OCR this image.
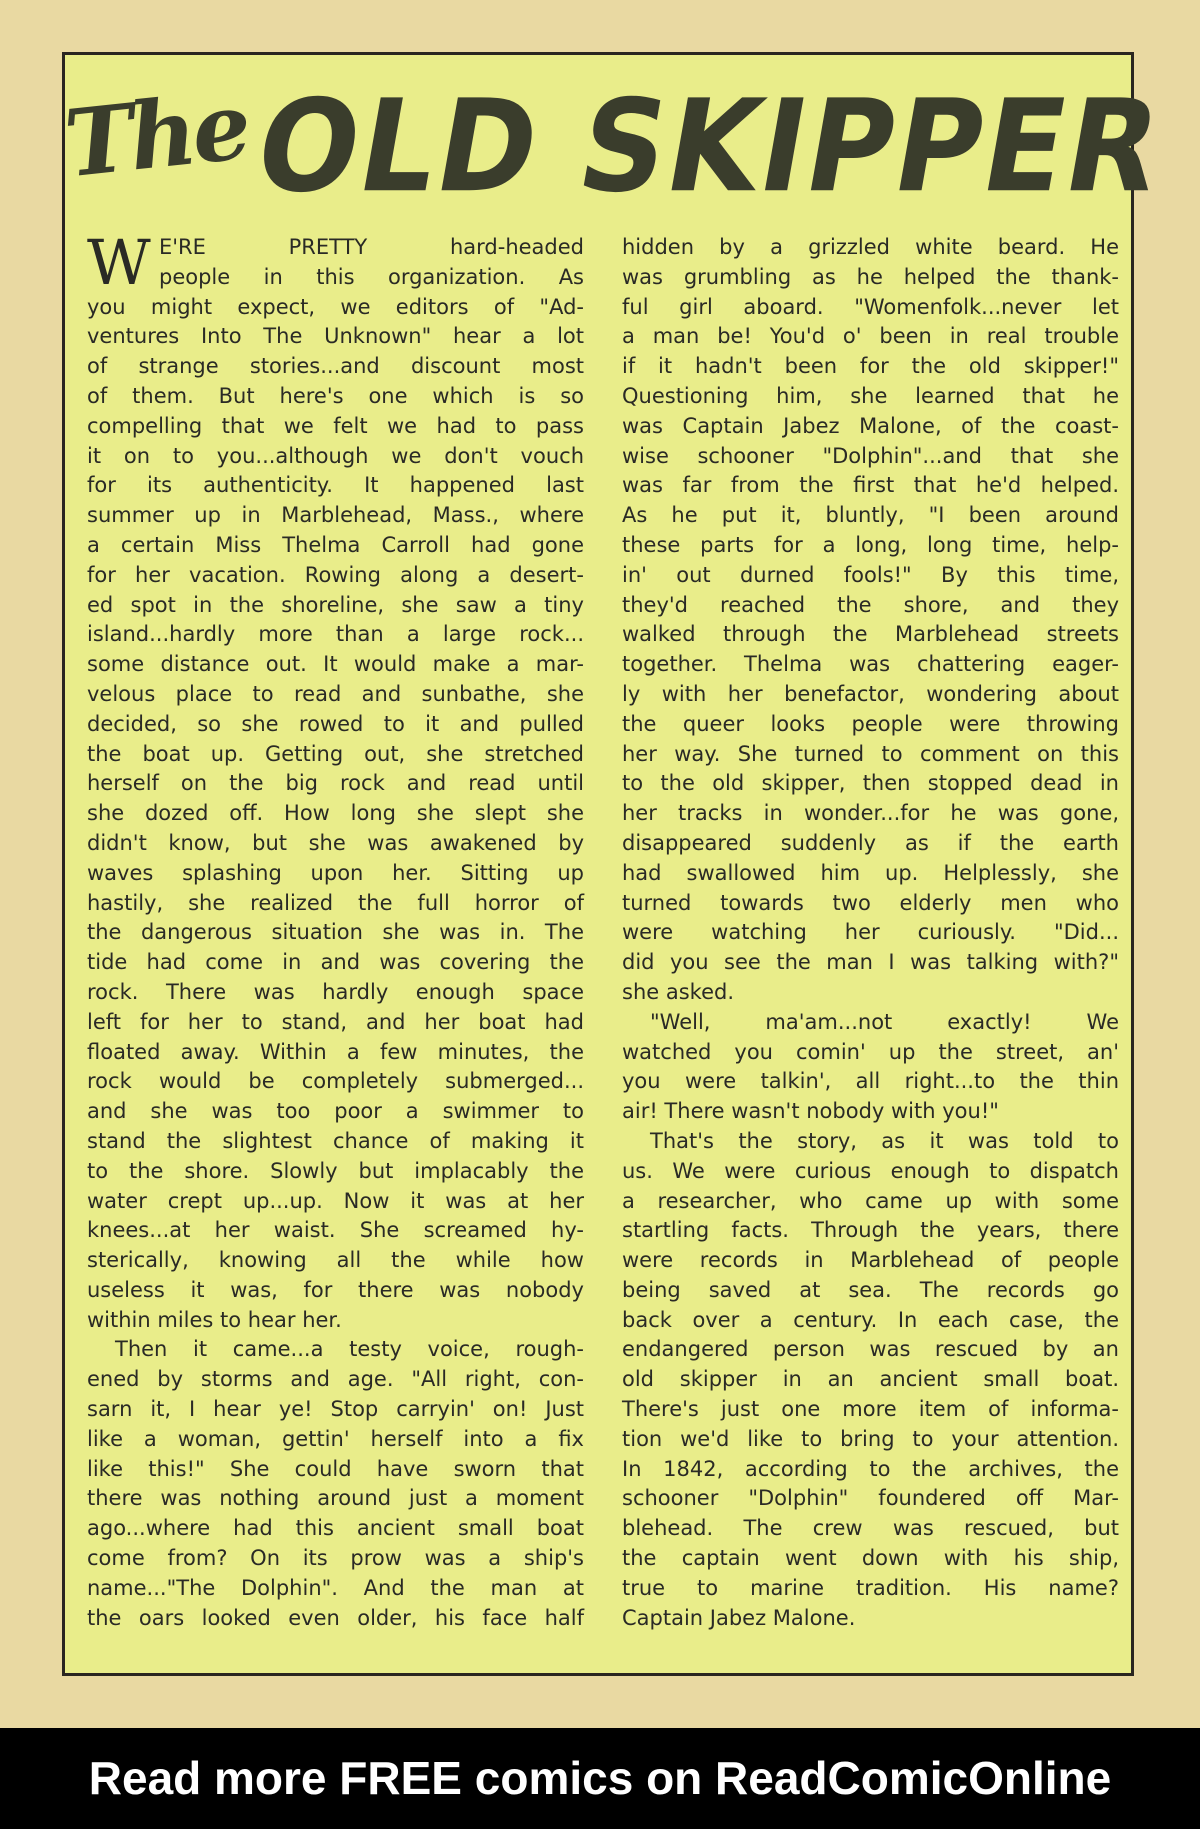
TheOLD SKIPPER
W E'RE PRETTY hard-headed
people in this organization. As
you might expect, we editors of "Ad-
ventures Into The Unknown" hear a lot
of strange stories...and discount most
of them. But here's one which is so
compelling that we felt we had to pass
it on to you...although we don't vouch
for its authenticity. It happened last
summer up in Marblehead, Mass., where
a certain Miss Thelma Carroll had gone
for her vacation. Rowing along a desert-
ed spot in the shoreline, she saw a tiny
island...hardly more than a large rock...
some distance out. It would make a mar-
velous place to read and sunbathe, she
decided, so she rowed to it and pulled
the boat up. Getting out, she stretched
herself on the big rock and read until
she dozed off. How long she slept she
didn't know, but she was awakened by
waves splashing upon her. Sitting up
hastily, she realized the full horror of
the dangerous situation she was in. The
tide had come in and was covering the
rock. There was hardly enough space
left for her to stand, and her boat had
floated away. Within a few minutes, the
rock would be completely submerged...
and she was too poor a swimmer to
stand the slightest chance of making it
to the shore. Slowly but implacably the
water crept up...up. Now it was at her
knees...at her waist. She screamed hy-
sterically, knowing all the while how
useless it was, for there was nobody
within miles to hear her.
Then it came...a testy voice, rough-
ened by storms and age. "All right, con-
sarn it, I hear ye! Stop carryin' on! Just
like a woman, gettin' herself into a fix
like this!" She could have sworn that
there was nothing around just a moment
ago...where had this ancient small boat
come from? On its prow was a ship's
name..."The Dolphin". And the man at
the oars looked even older, his face half
hidden by a grizzled white beard. He
was grumbling as he helped the thank-
ful girl aboard. "Womenfolk...never let
a man be! You'd o' been in real trouble
if it hadn't been for the old skipper!"
Questioning him, she learned that he
was Captain Jabez Malone, of the coast-
wise schooner "Dolphin"...and that she
was far from the first that he'd helped.
As he put it, bluntly, "I been around
these parts for a long, long time, help-
in' out durned fools!" By this time,
they'd reached the shore, and they
walked through the Marblehead streets
together. Thelma was chattering eager-
ly with her benefactor, wondering about
the queer looks people were throwing
her way. She turned to comment on this
to the old skipper, then stopped dead in
her tracks in wonder...for he was gone,
disappeared suddenly as if the earth
had swallowed him up. Helplessly, she
turned towards two elderly men who
were watching her curiously. "Did...
did you see the man I was talking with?"
she asked.
"Well, ma'am...not exactly! We
watched you comin' up the street, an'
you were talkin', all right...to the thin
air! There wasn't nobody with you!"
That's the story, as it was told to
us. We were curious enough to dispatch
a researcher, who came up with some
startling facts. Through the years, there
were records in Marblehead of people
being saved at sea. The records go
back over a century. In each case, the
endangered person was rescued by an
old skipper in an ancient small boat.
There's just one more item of informa-
tion we'd like to bring to your attention.
In 1842, according to the archives, the
schooner "Dolphin" foundered off Mar-
blehead. The crew was rescued, but
the captain went down with his ship,
true to marine tradition. His name?
Captain Jabez Malone.
Read more FREE comics on ReadComicOnline
